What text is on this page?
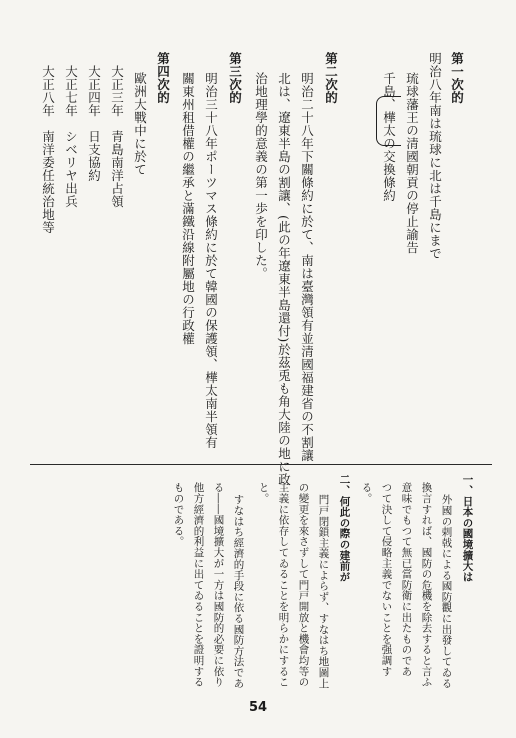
第一次的
明治八年南は琉球に北は千島にまで
琉球藩王の清國朝貢の停止諭告
千島、樺太の交換條約
第二次的
明治二十八年下關條約に於て、南は臺灣領有並清國福建省の不割讓
北は、遼東半島の割讓、(此の年遼東半島還付)於茲兎も角大陸の地に政
治地理學的意義の第一歩を印した。
第三次的
明治三十八年ポーツマス條約に於て韓國の保護領、樺太南半領有
關東州租借權の繼承と滿鐵沿線附屬地の行政權
第四次的
歐洲大戰中に於て
大正三年　青島南洋占領
大正四年　日支協約
大正七年　シベリヤ出兵
大正八年　南洋委任統治地等
一、日本の國境擴大は
外國の剌戟による國防觀に出發してゐる
換言すれば、國防の危機を除去すると言ふ
意味でもつて無已當防衛に出たものであ
つて決して侵略主義でないことを强調す
る。
二、何此の際の建前が
門戸閉鎖主義によらず、すなはち地圖上
の變更を來さずして門戸開放と機會均等の
主義に依存してゐることを明らかにするこ
と。
すなはち經濟的手段に依る國防方法であ
る――國境擴大が一方は國防的必要に依り
他方經濟的利益に出てゐることを證明する
ものである。
54
